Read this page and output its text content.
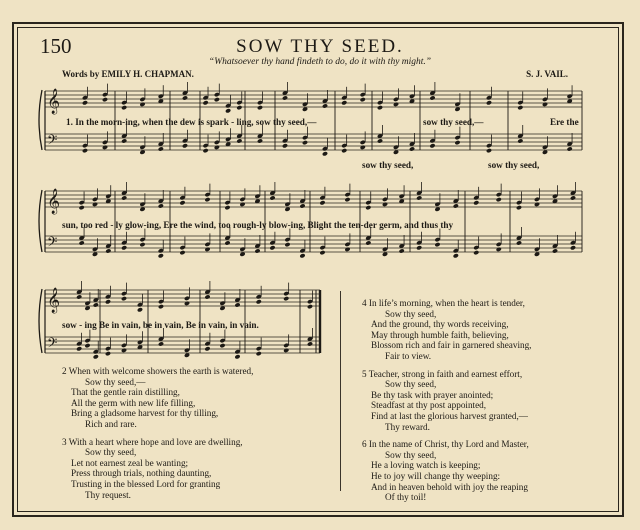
150	SOW THY SEED.
“Whatsoever thy hand findeth to do, do it with thy might.”
Words by EMILY H. CHAPMAN.	S. J. VAIL.
𝄞
𝄢
𝄞
𝄢
𝄞
𝄢
1. In the morn-ing, when the dew is spark - ling, sow thy seed,—	sow thy seed,—	Ere the
sow thy seed,	sow thy seed,
sun, too red - ly glow-ing, Ere the wind, too rough-ly blow-ing, Blight the ten-der germ, and thus thy
sow - ing Be in vain, be in vain, Be in vain, in vain.
2 When with welcome showers the earth is watered,
Sow thy seed,—
That the gentle rain distilling,
All the germ with new life filling,
Bring a gladsome harvest for thy tilling,
Rich and rare.
3 With a heart where hope and love are dwelling,
Sow thy seed,
Let not earnest zeal be wanting;
Press through trials, nothing daunting,
Trusting in the blessed Lord for granting
Thy request.
4 In life’s morning, when the heart is tender,
Sow thy seed,
And the ground, thy words receiving,
May through humble faith, believing,
Blossom rich and fair in garnered sheaving,
Fair to view.
5 Teacher, strong in faith and earnest effort,
Sow thy seed,
Be thy task with prayer anointed;
Steadfast at thy post appointed,
Find at last the glorious harvest granted,—
Thy reward.
6 In the name of Christ, thy Lord and Master,
Sow thy seed,
He a loving watch is keeping;
He to joy will change thy weeping:
And in heaven behold with joy the reaping
Of thy toil!
